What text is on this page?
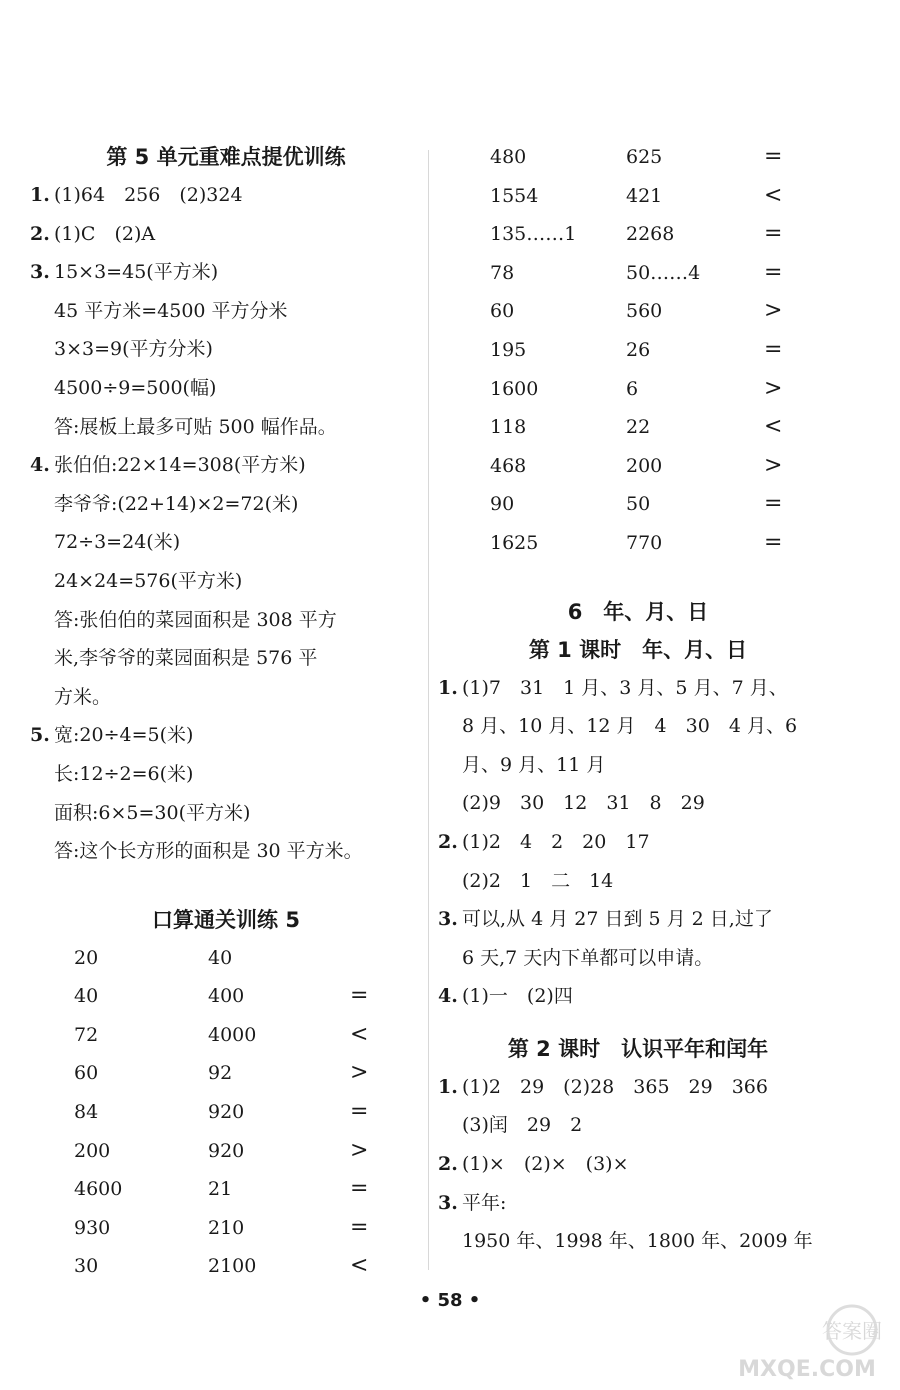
第 5 单元重难点提优训练
1. (1)64　256　(2)324
2. (1)C　(2)A
3. 15×3=45(平方米)
45 平方米=4500 平方分米
3×3=9(平方分米)
4500÷9=500(幅)
答:展板上最多可贴 500 幅作品。
4. 张伯伯:22×14=308(平方米)
李爷爷:(22+14)×2=72(米)
72÷3=24(米)
24×24=576(平方米)
答:张伯伯的菜园面积是 308 平方
米,李爷爷的菜园面积是 576 平
方米。
5. 宽:20÷4=5(米)
长:12÷2=6(米)
面积:6×5=30(平方米)
答:这个长方形的面积是 30 平方米。
口算通关训练 5
20	40
40	400	=
72	4000	<
60	92	>
84	920	=
200	920	>
4600	21	=
930	210	=
30	2100	<
480	625	=
1554	421	<
135……1	2268	=
78	50……4	=
60	560	>
195	26	=
1600	6	>
118	22	<
468	200	>
90	50	=
1625	770	=
6　年、月、日
第 1 课时　年、月、日
1. (1)7　31　1 月、3 月、5 月、7 月、
8 月、10 月、12 月　4　30　4 月、6
月、9 月、11 月
(2)9　30　12　31　8　29
2. (1)2　4　2　20　17
(2)2　1　二　14
3. 可以,从 4 月 27 日到 5 月 2 日,过了
6 天,7 天内下单都可以申请。
4. (1)一　(2)四
第 2 课时　认识平年和闰年
1. (1)2　29　(2)28　365　29　366
(3)闰　29　2
2. (1)×　(2)×　(3)×
3. 平年:
1950 年、1998 年、1800 年、2009 年
• 58 •
答案圈
MXQE.COM
